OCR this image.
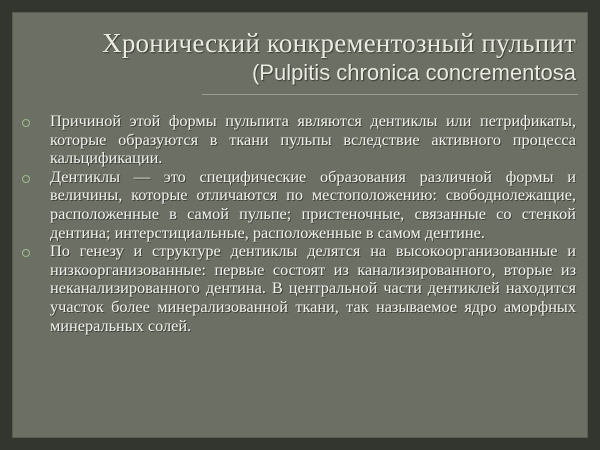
Хронический конкрементозный пульпит
(Pulpitis chronica concrementosa
Причиной этой формы пульпита являются дентиклы или петрификаты, которые образуются в ткани пульпы вследствие активного процесса кальцификации.
Дентиклы — это специфические образования различной формы и величины, которые отличаются по местоположению: свободнолежащие, расположенные в самой пульпе; пристеночные, связанные со стенкой дентина; интерстициальные, расположенные в самом дентине.
По генезу и структуре дентиклы делятся на высокоорганизованные и низкоорганизованные: первые состоят из канализированного, вторые из неканализированного дентина. В центральной части дентиклей находится участок более минерализованной ткани, так называемое ядро аморфных минеральных солей.
